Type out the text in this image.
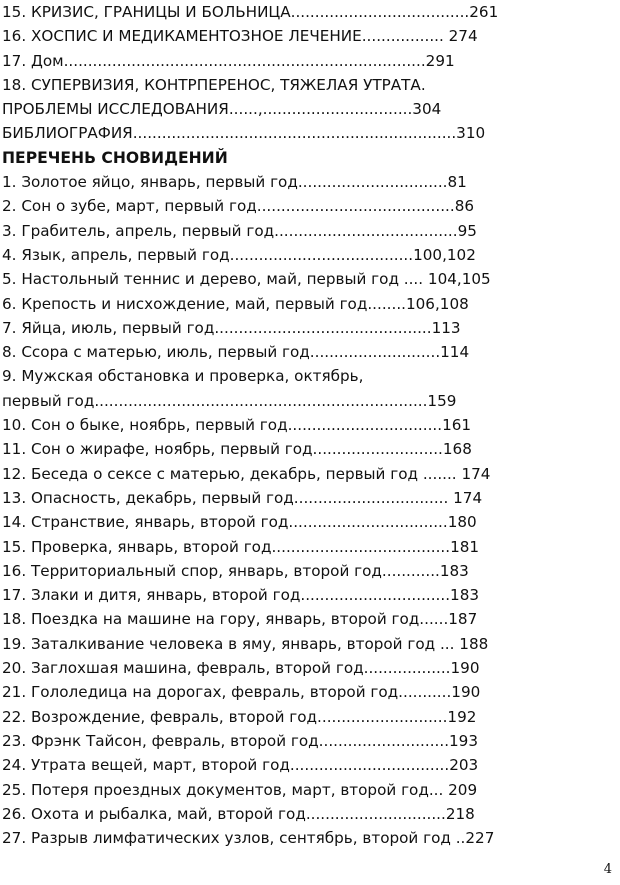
15. КРИЗИС, ГРАНИЦЫ И БОЛЬНИЦА.....................................261
16. ХОСПИС И МЕДИКАМЕНТОЗНОЕ ЛЕЧЕНИЕ................. 274
17. Дом...........................................................................291
18. СУПЕРВИЗИЯ, КОНТРПЕРЕНОС, ТЯЖЕЛАЯ УТРАТА.
ПРОБЛЕМЫ ИССЛЕДОВАНИЯ......,...............................304
БИБЛИОГРАФИЯ...................................................................310
ПЕРЕЧЕНЬ СНОВИДЕНИЙ
1. Золотое яйцо, январь, первый год...............................81
2. Сон о зубе, март, первый год.........................................86
3. Грабитель, апрель, первый год......................................95
4. Язык, апрель, первый год......................................100,102
5. Настольный теннис и дерево, май, первый год .... 104,105
6. Крепость и нисхождение, май, первый год........106,108
7. Яйца, июль, первый год.............................................113
8. Ссора с матерью, июль, первый год...........................114
9. Мужская обстановка и проверка, октябрь,
первый год.....................................................................159
10. Сон о быке, ноябрь, первый год................................161
11. Сон о жирафе, ноябрь, первый год...........................168
12. Беседа о сексе с матерью, декабрь, первый год ....... 174
13. Опасность, декабрь, первый год................................ 174
14. Странствие, январь, второй год.................................180
15. Проверка, январь, второй год.....................................181
16. Территориальный спор, январь, второй год............183
17. Злаки и дитя, январь, второй год...............................183
18. Поездка на машине на гору, январь, второй год......187
19. Заталкивание человека в яму, январь, второй год ... 188
20. Заглохшая машина, февраль, второй год..................190
21. Гололедица на дорогах, февраль, второй год...........190
22. Возрождение, февраль, второй год...........................192
23. Фрэнк Тайсон, февраль, второй год...........................193
24. Утрата вещей, март, второй год.................................203
25. Потеря проездных документов, март, второй год... 209
26. Охота и рыбалка, май, второй год.............................218
27. Разрыв лимфатических узлов, сентябрь, второй год ..227
4
